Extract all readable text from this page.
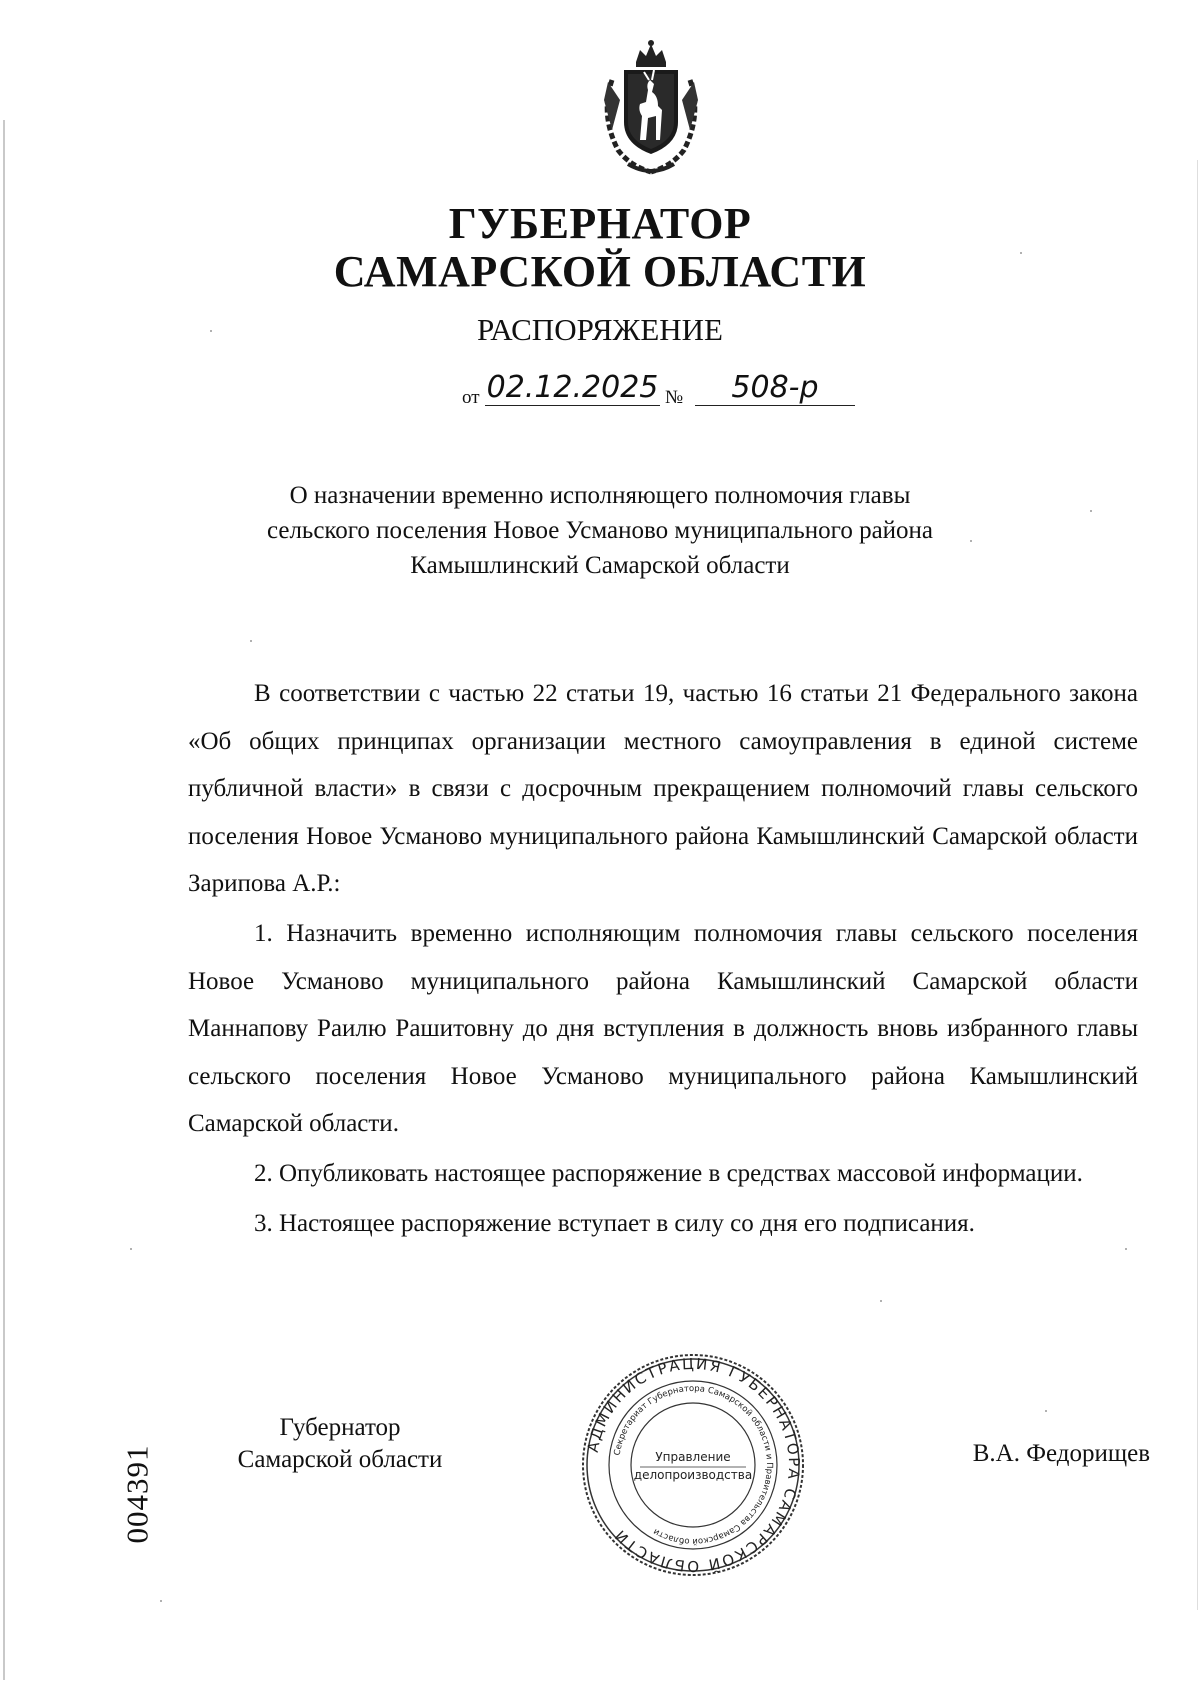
ГУБЕРНАТОР
САМАРСКОЙ ОБЛАСТИ
РАСПОРЯЖЕНИЕ
от 02.12.2025 №	508-р
О назначении временно исполняющего полномочия главы сельского поселения Новое Усманово муниципального района Камышлинский Самарской области

В соответствии с частью 22 статьи 19, частью 16 статьи 21 Федерального закона «Об общих принципах организации местного самоуправления в единой системе публичной власти» в связи с досрочным прекращением полномочий главы сельского поселения Новое Усманово муниципального района Камышлинский Самарской области Зарипова А.Р.:

1. Назначить временно исполняющим полномочия главы сельского поселения Новое Усманово муниципального района Камышлинский Самарской области Маннапову Раилю Рашитовну до дня вступления в должность вновь избранного главы сельского поселения Новое Усманово муниципального района Камышлинский Самарской области.

2. Опубликовать настоящее распоряжение в средствах массовой информации.

3. Настоящее распоряжение вступает в силу со дня его подписания.

Губернатор
Самарской области
АДМИНИСТРАЦИЯ ГУБЕРНАТОРА САМАРСКОЙ ОБЛАСТИ
Секретариат Губернатора Самарской области и Правительства Самарской области
Управление
делопроизводства
В.А. Федорищев
004391
